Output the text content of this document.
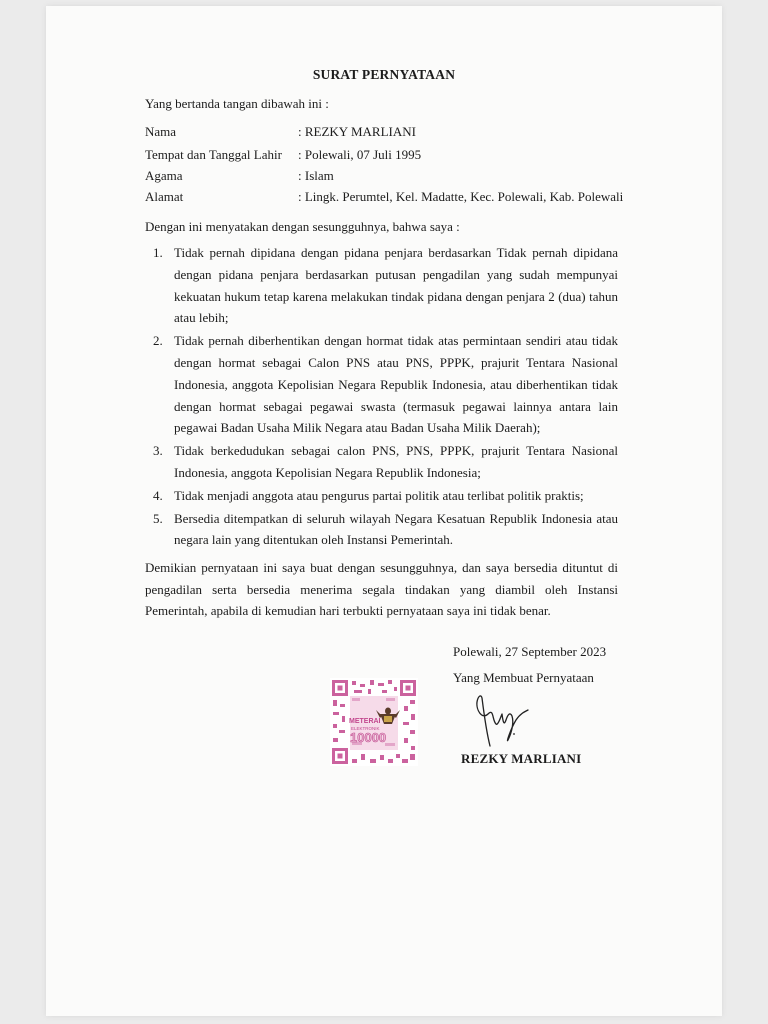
SURAT PERNYATAAN
Yang bertanda tangan dibawah ini :
Nama	: REZKY MARLIANI
Tempat dan Tanggal Lahir : Polewali, 07 Juli 1995
Agama	: Islam
Alamat	: Lingk. Perumtel, Kel. Madatte, Kec. Polewali, Kab. Polewali
Dengan ini menyatakan dengan sesungguhnya, bahwa saya :
1. Tidak pernah dipidana dengan pidana penjara berdasarkan Tidak pernah dipidana dengan pidana penjara berdasarkan putusan pengadilan yang sudah mempunyai kekuatan hukum tetap karena melakukan tindak pidana dengan penjara 2 (dua) tahun atau lebih;
2. Tidak pernah diberhentikan dengan hormat tidak atas permintaan sendiri atau tidak dengan hormat sebagai Calon PNS atau PNS, PPPK, prajurit Tentara Nasional Indonesia, anggota Kepolisian Negara Republik Indonesia, atau diberhentikan tidak dengan hormat sebagai pegawai swasta (termasuk pegawai lainnya antara lain pegawai Badan Usaha Milik Negara atau Badan Usaha Milik Daerah);
3. Tidak berkedudukan sebagai calon PNS, PNS, PPPK, prajurit Tentara Nasional Indonesia, anggota Kepolisian Negara Republik Indonesia;
4. Tidak menjadi anggota atau pengurus partai politik atau terlibat politik praktis;
5. Bersedia ditempatkan di seluruh wilayah Negara Kesatuan Republik Indonesia atau negara lain yang ditentukan oleh Instansi Pemerintah.
Demikian pernyataan ini saya buat dengan sesungguhnya, dan saya bersedia dituntut di pengadilan serta bersedia menerima segala tindakan yang diambil oleh Instansi Pemerintah, apabila di kemudian hari terbukti pernyataan saya ini tidak benar.
Polewali, 27 September 2023
Yang Membuat Pernyataan
METERAI
ELEKTRONIK
10000
REZKY MARLIANI
